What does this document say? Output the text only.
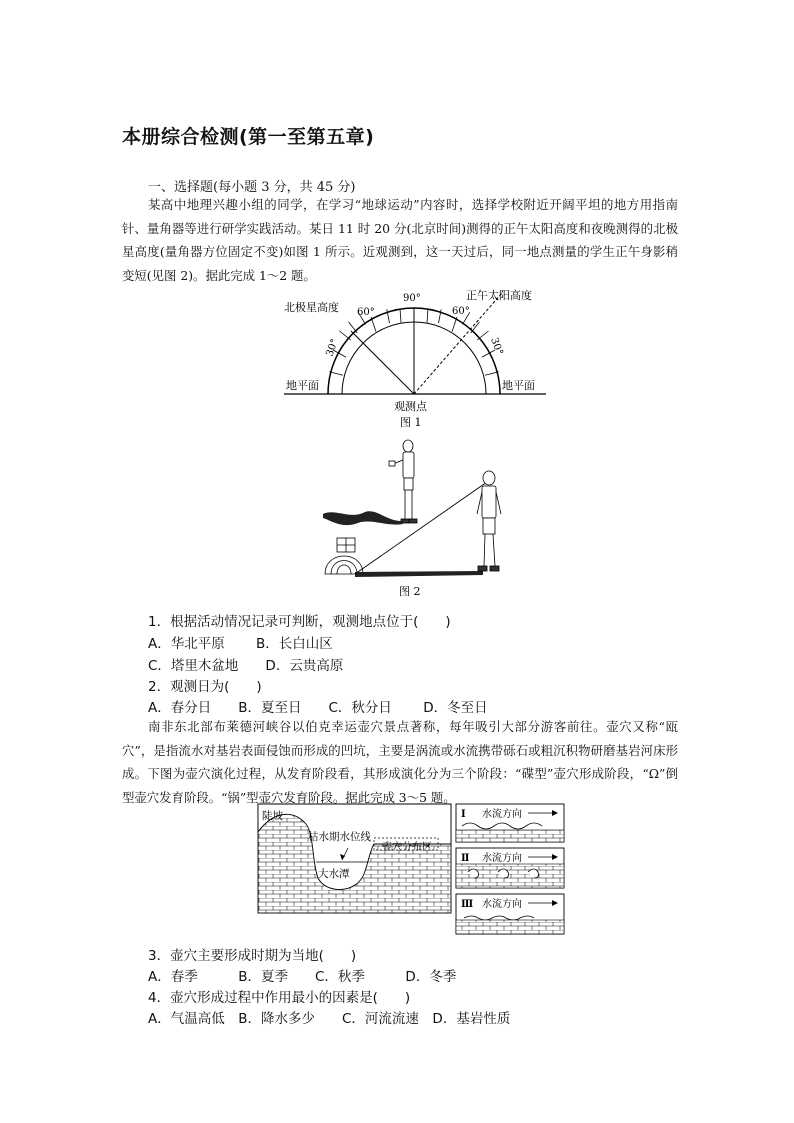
本册综合检测(第一至第五章)
一、选择题(每小题 3 分，共 45 分)
某高中地理兴趣小组的同学，在学习“地球运动”内容时，选择学校附近开阔平坦的地方用指南针、量角器等进行研学实践活动。某日 11 时 20 分(北京时间)测得的正午太阳高度和夜晚测得的北极星高度(量角器方位固定不变)如图 1 所示。近观测到，这一天过后，同一地点测量的学生正午身影稍变短(见图 2)。据此完成 1～2 题。
北极星高度
正午太阳高度
90°
60°	60°
30°	30°
地平面	地平面
观测点
图 1
图 2
1．根据活动情况记录可判断，观测地点位于(　　)
A．华北平原　　 B．长白山区
C．塔里木盆地　　D．云贵高原
2．观测日为(　　)
A．春分日　　B．夏至日　　C．秋分日　　 D．冬至日
南非东北部布莱德河峡谷以伯克幸运壶穴景点著称，每年吸引大部分游客前往。壶穴又称“瓯穴”，是指流水对基岩表面侵蚀而形成的凹坑，主要是涡流或水流携带砾石或粗沉积物研磨基岩河床形成。下图为壶穴演化过程，从发育阶段看，其形成演化分为三个阶段：“碟型”壶穴形成阶段，“Ω”倒型壶穴发育阶段。“锅”型壶穴发育阶段。据此完成 3～5 题。
陡坡
枯水期水位线
壶穴分布区
大水潭
Ⅰ 水流方向
Ⅱ 水流方向
Ⅲ 水流方向
3．壶穴主要形成时期为当地(　　)
A．春季　　　B．夏季　　C．秋季　　　D．冬季
4．壶穴形成过程中作用最小的因素是(　　)
A．气温高低　B．降水多少　　C．河流流速　D．基岩性质
